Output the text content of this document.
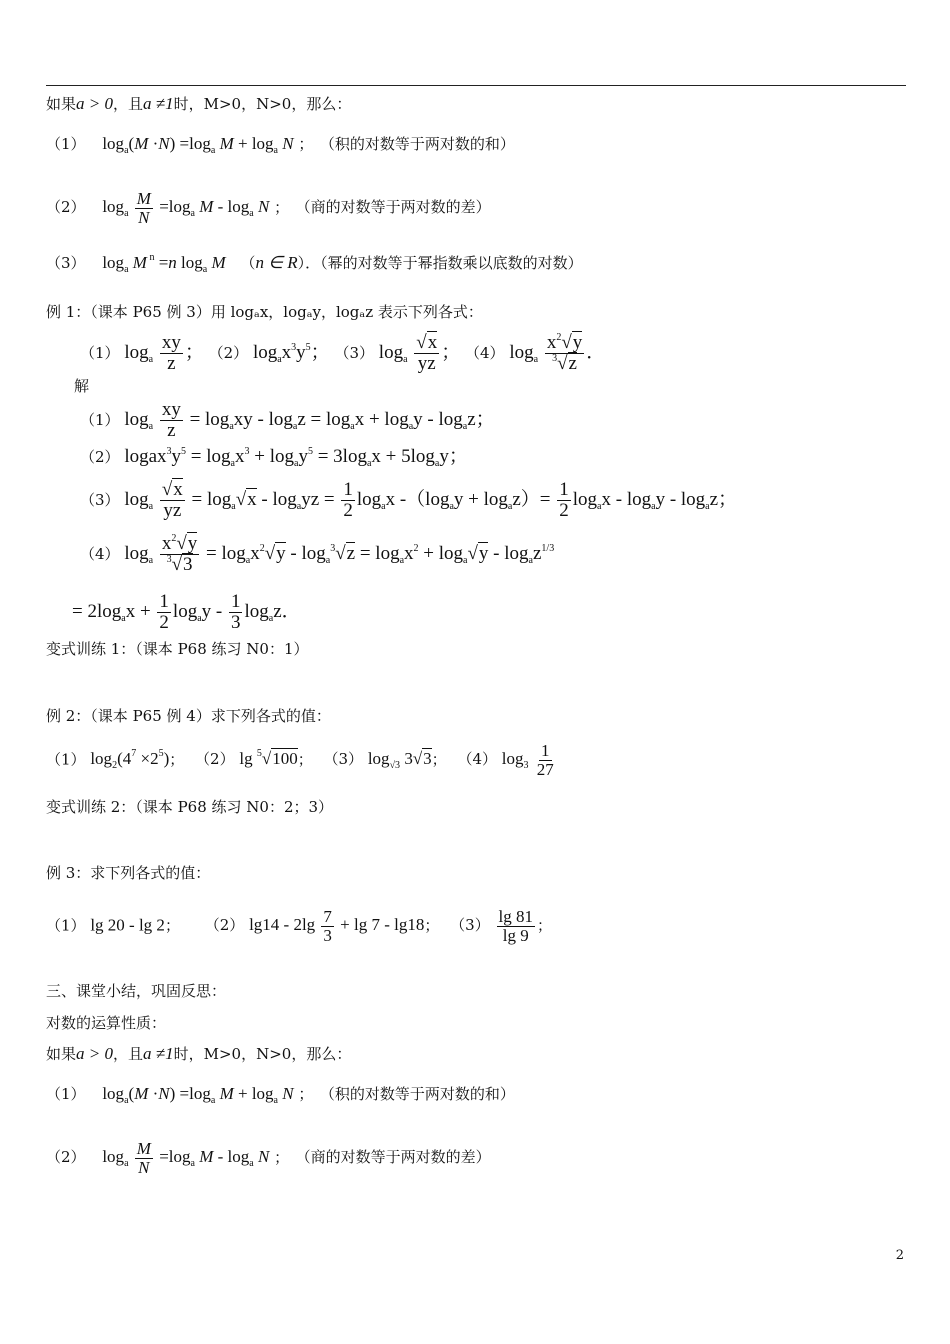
如果a > 0，且a ≠1时，M>0，N>0，那么：
（1） $\log_a(M \cdot N) =\log_a$ $M + \log_a N$ ； （积的对数等于两对数的和）
（2） $\log_a \frac{M}{N} =\log_a$ M - $\log_a N$ ； （商的对数等于两对数的差）
（3） $\log_a M$ $^n$ =n $\log_a M$ （n ∈ R）．（幂的对数等于幂指数乘以底数的对数）
例 1：（课本 P65 例 3）用 logₐx，logₐy，logₐz 表示下列各式：
（1） $\log_a \frac{xy}{z}$ ； （2） $\log_ax^3y^5$； （3） $\log_a \frac{√x}{yz}$ ； （4） $\log_a \frac{x^2√y}{^3√z}$ ．
解
（1） $\log_a \frac{xy}{z} = \log_axy - \log_az = \log_ax + \log_ay - \log_az$；
（2） $logax^3y^5 = \log_ax^3 + \log_ay^5 = 3\log_ax + 5\log_ay$；
（3） $\log_a \frac{√x}{yz} = \log_a√x - \log_ayz = \frac{1}{2} \log_ax$ $-(\log_ay + \log_az)= \frac{1}{2} \log_ax - \log_ay - \log_az$；
（4） $\log_a \frac{x^2√y}{^3√3} = \log_ax^2√y - \log_a^3√z = \log_ax^2 + \log_a√y - \log_az^{1/3}$
= $2\log_ax + \frac{1}{2} \log_ay - \frac{1}{3} \log_az$．
变式训练 1：（课本 P68 练习 N0：1）
例 2：（课本 P65 例 4）求下列各式的值：
（1） $\log_2(4^7 \times 2^5)$； （2） lg $^5$√100； （3） $\log_{√3} 3√3$； （4） $\log_3 \frac{1}{27}$
变式训练 2：（课本 P68 练习 N0：2；3）
例 3：求下列各式的值：
（1） lg 20 - lg 2； （2） $\lg 14 - 2\lg \frac{7}{3} + \lg 7 - \lg 18$； $(3) \frac{\lg 81}{\lg 9}$ ；
三、课堂小结，巩固反思：
对数的运算性质：
如果a > 0，且a ≠1时，M>0，N>0，那么：
（1） $\log_a(M \cdot N) =\log_a$ $M + \log_a N$ ； （积的对数等于两对数的和）
（2） $\log_a \frac{M}{N} =\log_a$ M - $\log_a N$ ； （商的对数等于两对数的差）
2
